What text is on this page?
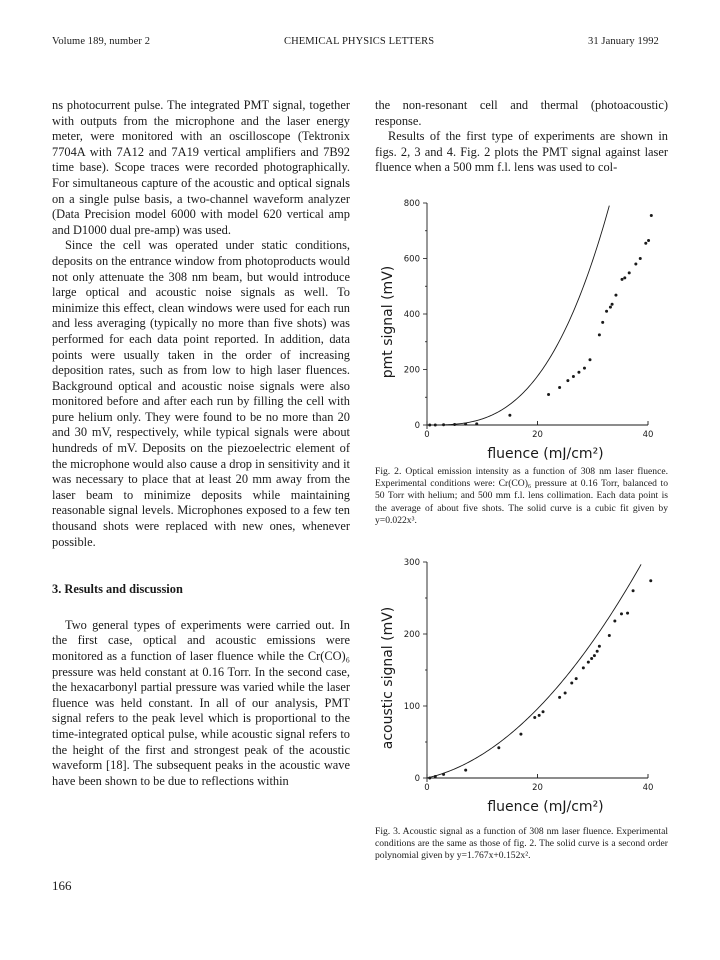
Volume 189, number 2	CHEMICAL PHYSICS LETTERS	31 January 1992

ns photocurrent pulse. The integrated PMT signal, together with outputs from the microphone and the laser energy meter, were monitored with an oscilloscope (Tektronix 7704A with 7A12 and 7A19 vertical amplifiers and 7B92 time base). Scope traces were recorded photographically. For simultaneous capture of the acoustic and optical signals on a single pulse basis, a two-channel waveform analyzer (Data Precision model 6000 with model 620 vertical amp and D1000 dual pre-amp) was used.

Since the cell was operated under static conditions, deposits on the entrance window from photoproducts would not only attenuate the 308 nm beam, but would introduce large optical and acoustic noise signals as well. To minimize this effect, clean windows were used for each run and less averaging (typically no more than five shots) was performed for each data point reported. In addition, data points were usually taken in the order of increasing deposition rates, such as from low to high laser fluences. Background optical and acoustic noise signals were also monitored before and after each run by filling the cell with pure helium only. They were found to be no more than 20 and 30 mV, respectively, while typical signals were about hundreds of mV. Deposits on the piezoelectric element of the microphone would also cause a drop in sensitivity and it was necessary to place that at least 20 mm away from the laser beam to minimize deposits while maintaining reasonable signal levels. Microphones exposed to a few ten thousand shots were replaced with new ones, whenever possible.

3. Results and discussion

Two general types of experiments were carried out. In the first case, optical and acoustic emissions were monitored as a function of laser fluence while the Cr(CO)₆ pressure was held constant at 0.16 Torr. In the second case, the hexacarbonyl partial pressure was varied while the laser fluence was held constant. In all of our analysis, PMT signal refers to the peak level which is proportional to the time-integrated optical pulse, while acoustic signal refers to the height of the first and strongest peak of the acoustic waveform [18]. The subsequent peaks in the acoustic wave have been shown to be due to reflections within

the non-resonant cell and thermal (photoacoustic) response.

Results of the first type of experiments are shown in figs. 2, 3 and 4. Fig. 2 plots the PMT signal against laser fluence when a 500 mm f.l. lens was used to col-

0	20	40
0
200
400
600
800
fluence (mJ/cm²)
pmt signal (mV)
Fig. 2. Optical emission intensity as a function of 308 nm laser fluence. Experimental conditions were: Cr(CO)₆ pressure at 0.16 Torr, balanced to 50 Torr with helium; and 500 mm f.l. lens collimation. Each data point is the average of about five shots. The solid curve is a cubic fit given by y=0.022x³.
0	20	40
0
100
200
300
fluence (mJ/cm²)
acoustic signal (mV)
Fig. 3. Acoustic signal as a function of 308 nm laser fluence. Experimental conditions are the same as those of fig. 2. The solid curve is a second order polynomial given by y=1.767x+0.152x².
166
